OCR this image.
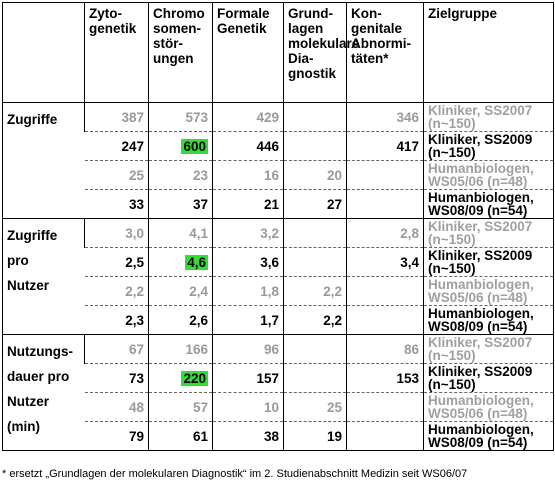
	Zyto-
genetik	Chromo
somen-
stör-
ungen	Formale
Genetik	Grund-
lagen
molekulare
Dia-
gnostik	Kon-
genitale
Abnormi-
täten*	Zielgruppe
Zugriffe	387	573	429		346	Kliniker, SS2007
(n~150)
	247	600	446		417	Kliniker, SS2009
(n~150)
	25	23	16	20		Humanbiologen,
WS05/06 (n=48)
	33	37	21	27		Humanbiologen,
WS08/09 (n=54)
Zugriffe
pro
Nutzer	3,0	4,1	3,2		2,8	Kliniker, SS2007
(n~150)
	2,5	4,6	3,6		3,4	Kliniker, SS2009
(n~150)
	2,2	2,4	1,8	2,2		Humanbiologen,
WS05/06 (n=48)
	2,3	2,6	1,7	2,2		Humanbiologen,
WS08/09 (n=54)
Nutzungs-
dauer pro
Nutzer
(min)	67	166	96		86	Kliniker, SS2007
(n~150)
	73	220	157		153	Kliniker, SS2009
(n~150)
	48	57	10	25		Humanbiologen,
WS05/06 (n=48)
	79	61	38	19		Humanbiologen,
WS08/09 (n=54)
* ersetzt „Grundlagen der molekularen Diagnostik“ im 2. Studienabschnitt Medizin seit WS06/07
